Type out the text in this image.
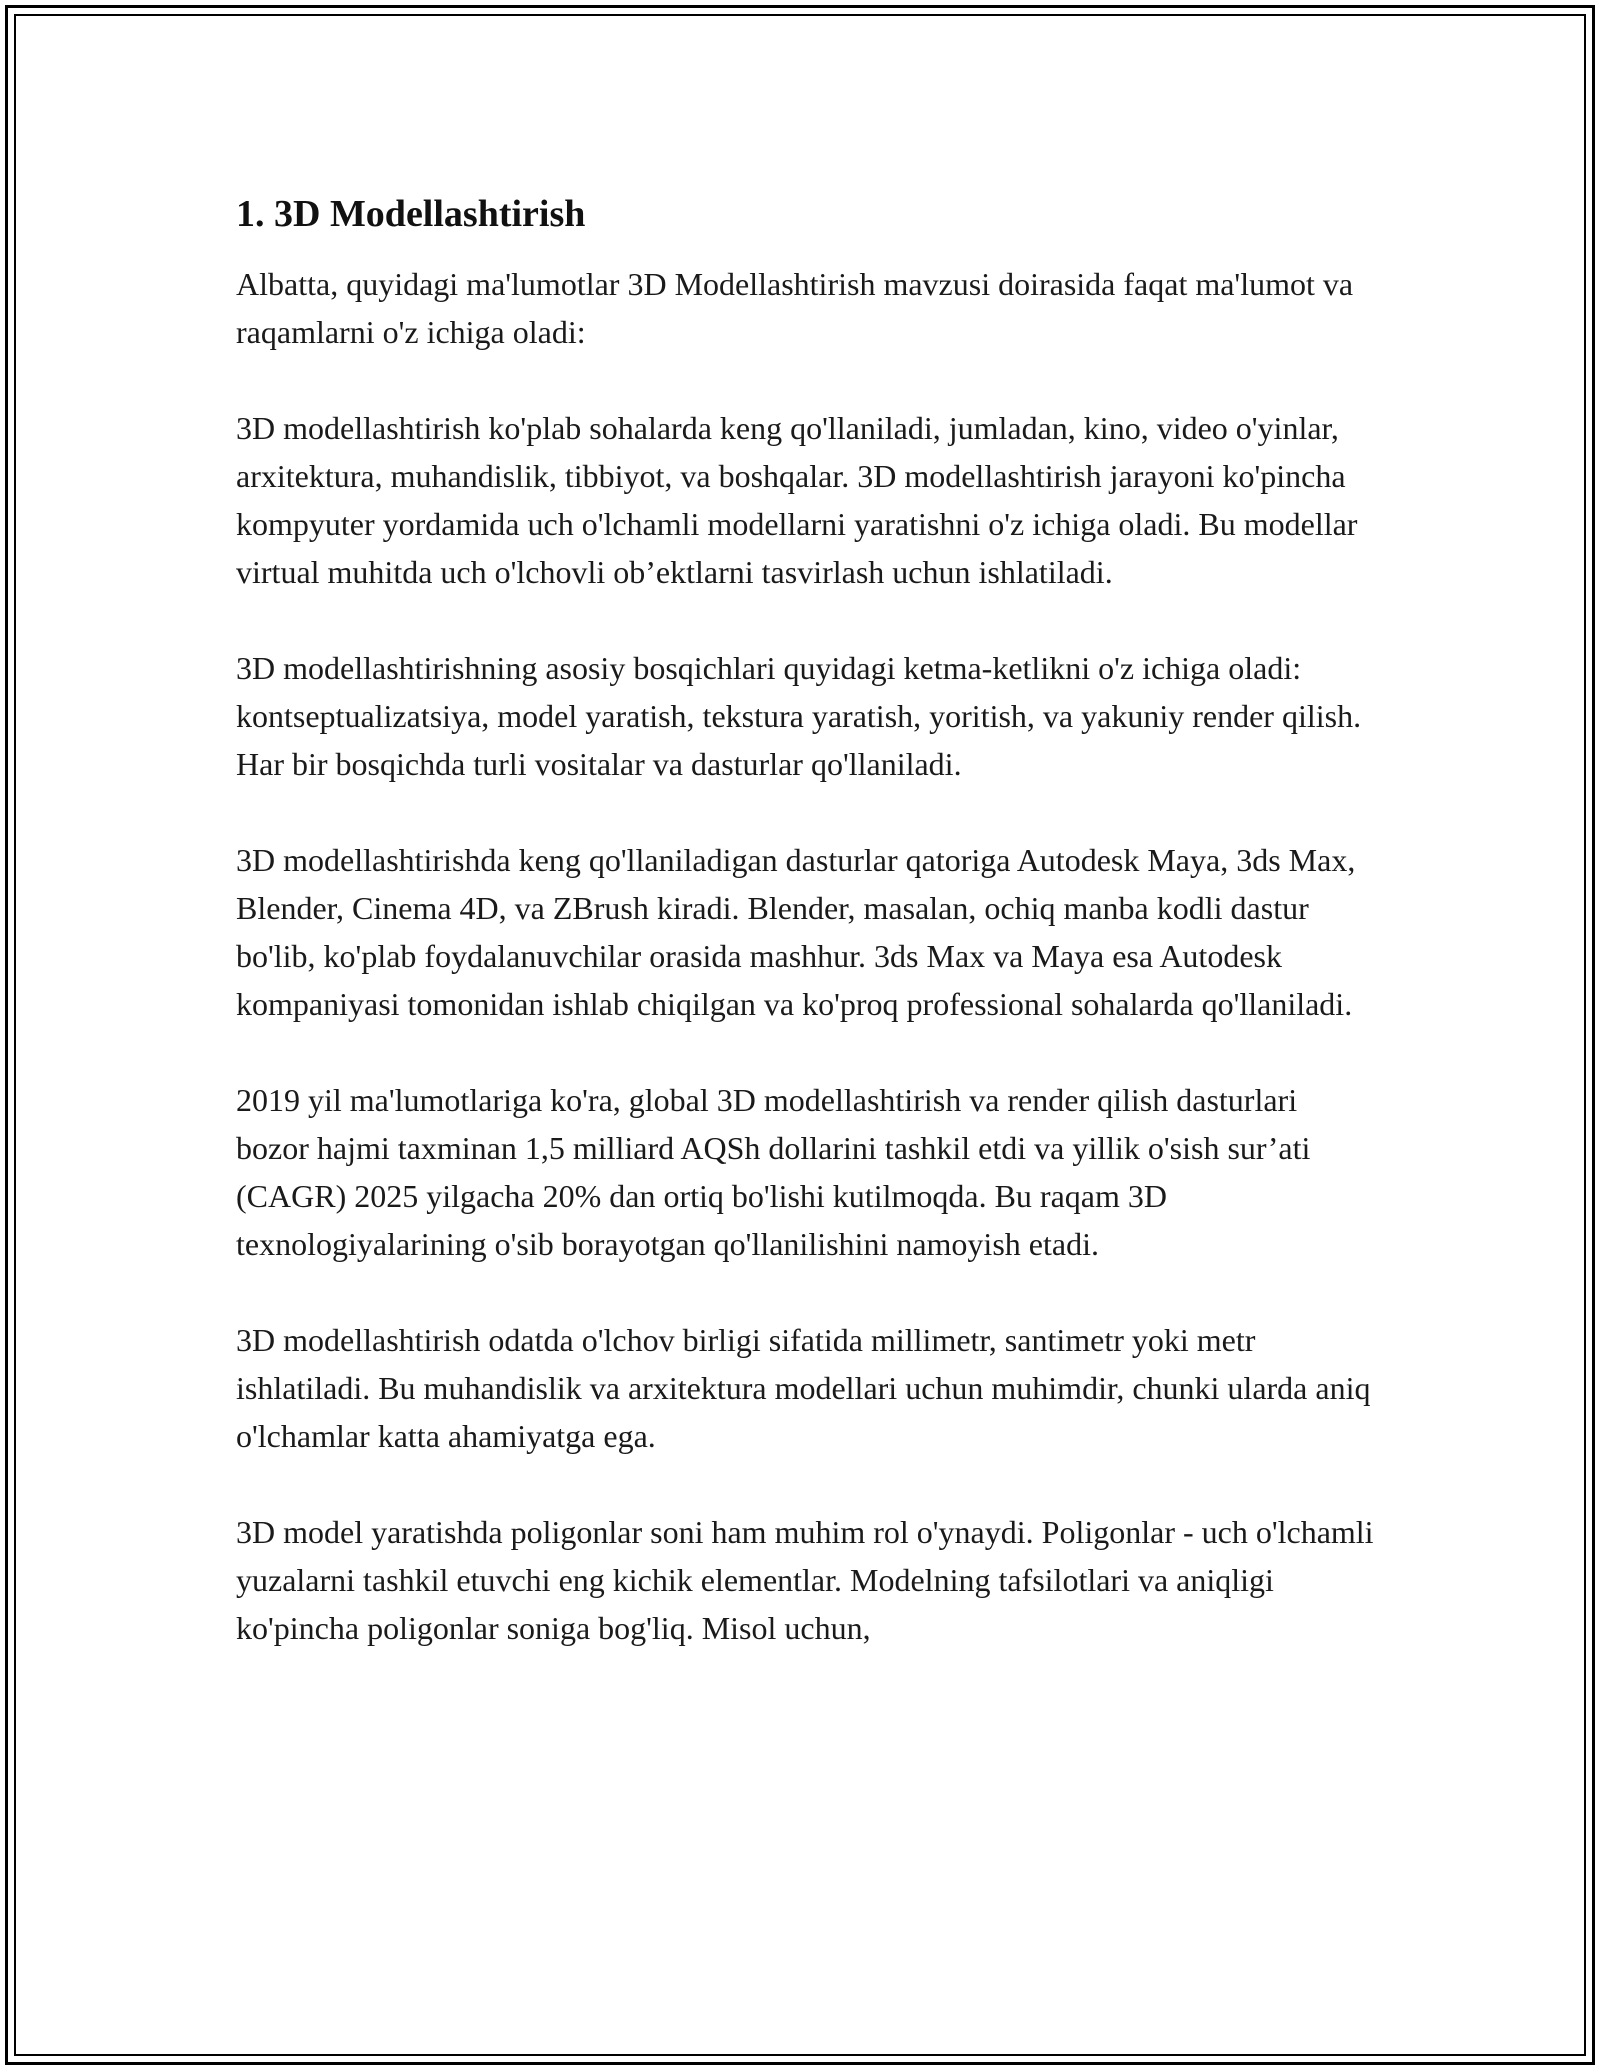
1. 3D Modellashtirish

Albatta, quyidagi ma'lumotlar 3D Modellashtirish mavzusi doirasida faqat ma'lumot va raqamlarni o'z ichiga oladi:

3D modellashtirish ko'plab sohalarda keng qo'llaniladi, jumladan, kino, video o'yinlar, arxitektura, muhandislik, tibbiyot, va boshqalar. 3D modellashtirish jarayoni ko'pincha kompyuter yordamida uch o'lchamli modellarni yaratishni o'z ichiga oladi. Bu modellar virtual muhitda uch o'lchovli ob’ektlarni tasvirlash uchun ishlatiladi.

3D modellashtirishning asosiy bosqichlari quyidagi ketma-ketlikni o'z ichiga oladi: kontseptualizatsiya, model yaratish, tekstura yaratish, yoritish, va yakuniy render qilish. Har bir bosqichda turli vositalar va dasturlar qo'llaniladi.

3D modellashtirishda keng qo'llaniladigan dasturlar qatoriga Autodesk Maya, 3ds Max, Blender, Cinema 4D, va ZBrush kiradi. Blender, masalan, ochiq manba kodli dastur bo'lib, ko'plab foydalanuvchilar orasida mashhur. 3ds Max va Maya esa Autodesk kompaniyasi tomonidan ishlab chiqilgan va ko'proq professional sohalarda qo'llaniladi.

2019 yil ma'lumotlariga ko'ra, global 3D modellashtirish va render qilish dasturlari bozor hajmi taxminan 1,5 milliard AQSh dollarini tashkil etdi va yillik o'sish sur’ati (CAGR) 2025 yilgacha 20% dan ortiq bo'lishi kutilmoqda. Bu raqam 3D texnologiyalarining o'sib borayotgan qo'llanilishini namoyish etadi.

3D modellashtirish odatda o'lchov birligi sifatida millimetr, santimetr yoki metr ishlatiladi. Bu muhandislik va arxitektura modellari uchun muhimdir, chunki ularda aniq o'lchamlar katta ahamiyatga ega.

3D model yaratishda poligonlar soni ham muhim rol o'ynaydi. Poligonlar - uch o'lchamli yuzalarni tashkil etuvchi eng kichik elementlar. Modelning tafsilotlari va aniqligi ko'pincha poligonlar soniga bog'liq. Misol uchun,
